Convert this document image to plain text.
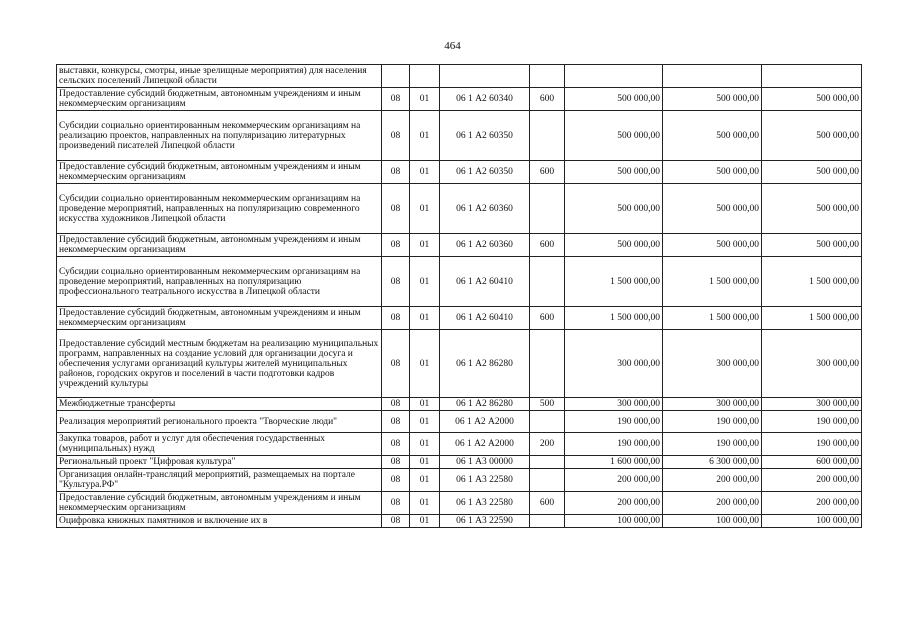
464
выставки, конкурсы, смотры, иные зрелищные мероприятия) для населения сельских поселений Липецкой области							
Предоставление субсидий бюджетным, автономным учреждениям и иным некоммерческим организациям	08	01	06 1 А2 60340	600	500 000,00	500 000,00	500 000,00
Субсидии социально ориентированным некоммерческим организациям на реализацию проектов, направленных на популяризацию литературных произведений писателей Липецкой области	08	01	06 1 А2 60350		500 000,00	500 000,00	500 000,00
Предоставление субсидий бюджетным, автономным учреждениям и иным некоммерческим организациям	08	01	06 1 А2 60350	600	500 000,00	500 000,00	500 000,00
Субсидии социально ориентированным некоммерческим организациям на проведение мероприятий, направленных на популяризацию современного искусства художников Липецкой области	08	01	06 1 А2 60360		500 000,00	500 000,00	500 000,00
Предоставление субсидий бюджетным, автономным учреждениям и иным некоммерческим организациям	08	01	06 1 А2 60360	600	500 000,00	500 000,00	500 000,00
Субсидии социально ориентированным некоммерческим организациям на проведение мероприятий, направленных на популяризацию профессионального театрального искусства в Липецкой области	08	01	06 1 А2 60410		1 500 000,00	1 500 000,00	1 500 000,00
Предоставление субсидий бюджетным, автономным учреждениям и иным некоммерческим организациям	08	01	06 1 А2 60410	600	1 500 000,00	1 500 000,00	1 500 000,00
Предоставление субсидий местным бюджетам на реализацию муниципальных программ, направленных на создание условий для организации досуга и обеспечения услугами организаций культуры жителей муниципальных районов, городских округов и поселений в части подготовки кадров учреждений культуры	08	01	06 1 А2 86280		300 000,00	300 000,00	300 000,00
Межбюджетные трансферты	08	01	06 1 А2 86280	500	300 000,00	300 000,00	300 000,00
Реализация мероприятий регионального проекта "Творческие люди"	08	01	06 1 А2 А2000		190 000,00	190 000,00	190 000,00
Закупка товаров, работ и услуг для обеспечения государственных (муниципальных) нужд	08	01	06 1 А2 А2000	200	190 000,00	190 000,00	190 000,00
Региональный проект "Цифровая культура"	08	01	06 1 А3 00000		1 600 000,00	6 300 000,00	600 000,00
Организация онлайн-трансляций мероприятий, размещаемых на портале "Культура.РФ"	08	01	06 1 А3 22580		200 000,00	200 000,00	200 000,00
Предоставление субсидий бюджетным, автономным учреждениям и иным некоммерческим организациям	08	01	06 1 А3 22580	600	200 000,00	200 000,00	200 000,00
Оцифровка книжных памятников и включение их в	08	01	06 1 А3 22590		100 000,00	100 000,00	100 000,00
